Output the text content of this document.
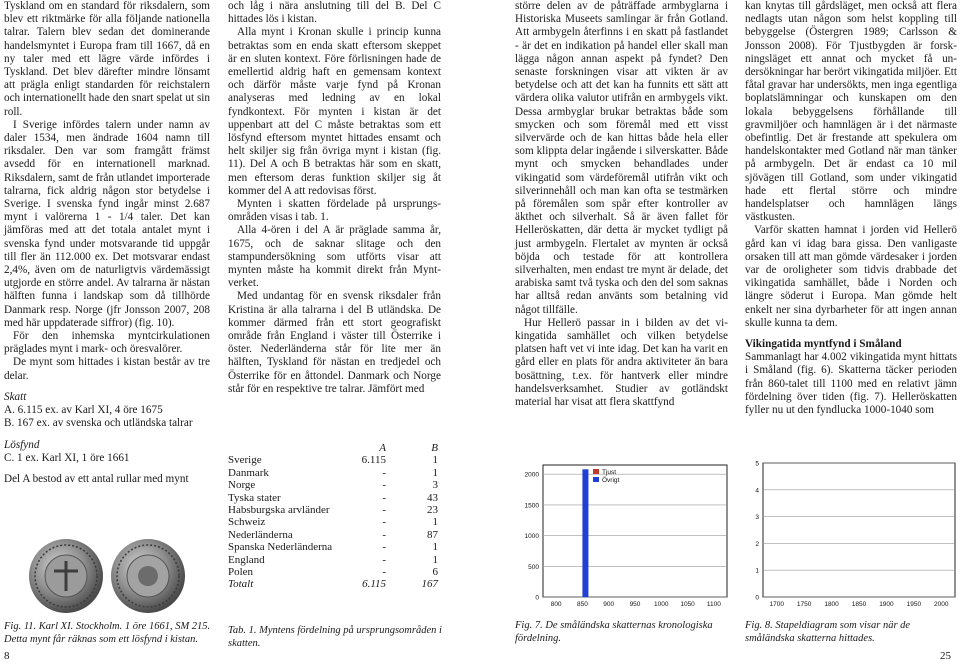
Tyskland om en standard för riksdalern, som blev ett riktmärke för alla följande nationella talrar. Talern blev sedan det dominerande handelsmyntet i Europa fram till 1667, då en ny taler med ett lägre värde infördes i Tyskland. Det blev därefter mindre lönsamt att prägla enligt standarden för reichstalern och internationellt hade den snart spelat ut sin roll.

I Sverige infördes talern under namn av daler 1534, men ändrade 1604 namn till riksdaler. Den var som framgått främst avsedd för en internationell marknad. Riksdalern, samt de från utlandet importerade talrarna, fick aldrig någon stor betydelse i Sverige. I svenska fynd ingår minst 2.687 mynt i valörerna 1 - 1/4 taler. Det kan jämföras med att det totala antalet mynt i svenska fynd under motsvarande tid uppgår till fler än 112.000 ex. Det motsvarar endast 2,4%, även om de naturligtvis värdemässigt utgjorde en större andel. Av talrarna är nästan hälften funna i landskap som då tillhörde Danmark resp. Norge (jfr Jonsson 2007, 208 med här uppdaterade siffror) (fig. 10).

För den inhemska myntcirkulationen präglades mynt i mark- och öresvalörer.

De mynt som hittades i kistan består av tre delar.

Skatt

A. 6.115 ex. av Karl XI, 4 öre 1675

B. 167 ex. av svenska och utländska talrar

Lösfynd

C. 1 ex. Karl XI, 1 öre 1661

Del A bestod av ett antal rullar med mynt

Fig. 11. Karl XI. Stockholm. 1 öre 1661, SM 215. Detta mynt får räknas som ett lösfynd i kistan.
8

och låg i nära anslutning till del B. Del C hittades lös i kistan.

Alla mynt i Kronan skulle i princip kunna betraktas som en enda skatt eftersom skeppet är en sluten kontext. Före förlisningen hade de emellertid aldrig haft en gemensam kontext och därför måste varje fynd på Kronan analyseras med ledning av en lokal fyndkontext. För mynten i kistan är det uppenbart att del C måste betraktas som ett lösfynd eftersom myntet hittades ensamt och helt skiljer sig från övriga mynt i kistan (fig. 11). Del A och B betraktas här som en skatt, men eftersom deras funktion skiljer sig åt kommer del A att redovisas först.

Mynten i skatten fördelade på ursprungsområden visas i tab. 1.

Alla 4-ören i del A är präglade samma år, 1675, och de saknar slitage och den stampundersökning som utförts visar att mynten måste ha kommit direkt från Myntverket.

Med undantag för en svensk riksdaler från Kristina är alla talrarna i del B utländska. De kommer därmed från ett stort geografiskt område från England i väster till Österrike i öster. Nederländerna står för lite mer än hälften, Tyskland för nästan en tredjedel och Österrike för en åttondel. Danmark och Norge står för en respektive tre talrar. Jämfört med

	A	B
Sverige	6.115	1
Danmark	-	1
Norge	-	3
Tyska stater	-	43
Habsburgska arvländer	-	23
Schweiz	-	1
Nederländerna	-	87
Spanska Nederländerna	-	1
England	-	1
Polen	-	6
Totalt	6.115	167
Tab. 1. Myntens fördelning på ursprungsområden i skatten.

större delen av de påträffade armbyglarna i Historiska Museets samlingar är från Gotland. Att armbygeln återfinns i en skatt på fastlandet - är det en indikation på handel eller skall man lägga någon annan aspekt på fyndet? Den senaste forskningen visar att vikten är av betydelse och att det kan ha funnits ett sätt att värdera olika valutor utifrån en armbygels vikt. Dessa armbyglar brukar betraktas både som smycken och som föremål med ett visst silvervärde och de kan hittas både hela eller som klippta delar ingående i silverskatter. Både mynt och smycken behandlades under vikingatid som värdeföremål utifrån vikt och silverinnehåll och man kan ofta se testmärken på föremålen som spår efter kontroller av äkthet och silverhalt. Så är även fallet för Helleröskatten, där detta är mycket tydligt på just armbygeln. Flertalet av mynten är också böjda och testade för att kontrollera silverhalten, men endast tre mynt är delade, det arabiska samt två tyska och den del som saknas har alltså redan använts som betalning vid något tillfälle.

Hur Hellerö passar in i bilden av det vikingatida samhället och vilken betydelse platsen haft vet vi inte idag. Det kan ha varit en gård eller en plats för andra aktiviteter än bara bosättning, t.ex. för hantverk eller mindre handelsverksamhet. Studier av gotländskt material har visat att flera skattfynd

kan knytas till gårdsläget, men också att flera nedlagts utan någon som helst koppling till bebyggelse (Östergren 1989; Carlsson & Jonsson 2008). För Tjustbygden är forskningsläget ett annat och mycket få undersökningar har berört vikingatida miljöer. Ett fåtal gravar har undersökts, men inga egentliga boplatslämningar och kunskapen om den lokala bebyggelsens förhållande till gravmiljöer och hamnlägen är i det närmaste obefintlig. Det är frestande att spekulera om handelskontakter med Gotland när man tänker på armbygeln. Det är endast ca 10 mil sjövägen till Gotland, som under vikingatid hade ett flertal större och mindre handelsplatser och hamnlägen längs västkusten.

Varför skatten hamnat i jorden vid Hellerö gård kan vi idag bara gissa. Den vanligaste orsaken till att man gömde värdesaker i jorden var de oroligheter som tidvis drabbade det vikingatida samhället, både i Norden och längre söderut i Europa. Man gömde helt enkelt ner sina dyrbarheter för att ingen annan skulle kunna ta dem.

Vikingatida myntfynd i Småland

Sammanlagt har 4.002 vikingatida mynt hittats i Småland (fig. 6). Skatterna täcker perioden från 860-talet till 1100 med en relativt jämn fördelning över tiden (fig. 7). Helleröskatten fyller nu ut den fyndlucka 1000-1040 som

0
500
1000
1500
2000
800 850 900 950 1000 1050 1100
Tjust
Övrigt
Fig. 7. De småländska skatternas kronologiska fördelning.
0
1
2
3
4
5
1700 1750 1800 1850 1900 1950 2000
Fig. 8. Stapeldiagram som visar när de småländska skatterna hittades.
25
